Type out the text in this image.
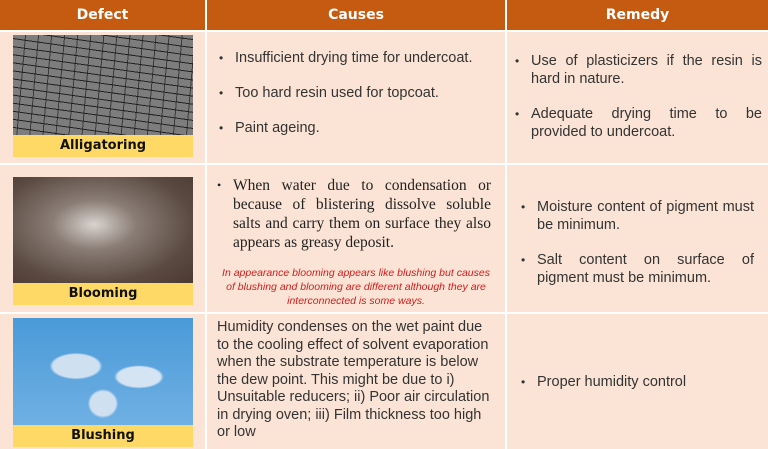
Defect	Causes	Remedy
Alligatoring
• Insufficient drying time for undercoat.
• Too hard resin used for topcoat.
• Paint ageing.
• Use of plasticizers if the resin is hard in nature.
• Adequate drying time to be provided to undercoat.
Blooming
• When water due to condensation or because of blistering dissolve soluble salts and carry them on surface they also appears as greasy deposit.

In appearance blooming appears like blushing but causes of blushing and blooming are different although they are interconnected is some ways.

• Moisture content of pigment must be minimum.
• Salt content on surface of pigment must be minimum.
Blushing

Humidity condenses on the wet paint due to the cooling effect of solvent evaporation when the substrate temperature is below the dew point. This might be due to i) Unsuitable reducers; ii) Poor air circulation in drying oven; iii) Film thickness too high or low

• Proper humidity control
